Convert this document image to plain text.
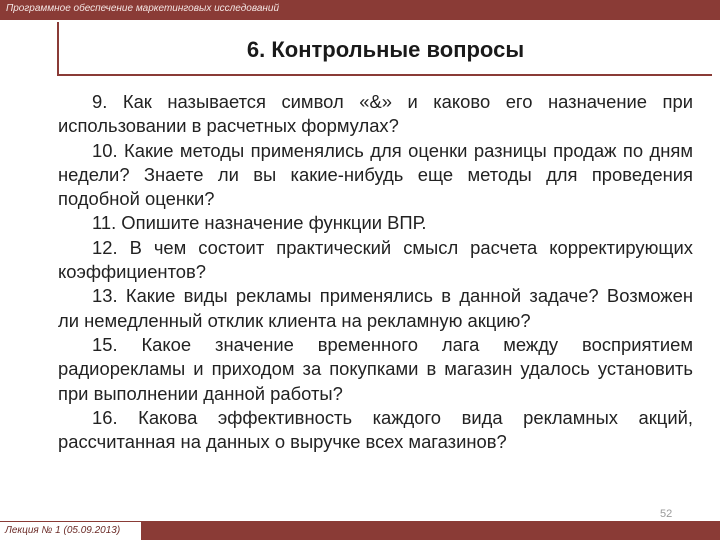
Программное обеспечение маркетинговых исследований
6. Контрольные вопросы

9. Как называется символ «&» и каково его назначение при использовании в расчетных формулах?

10. Какие методы применялись для оценки разницы продаж по дням недели? Знаете ли вы какие-нибудь еще методы для проведения подобной оценки?

11. Опишите назначение функции ВПР.

12. В чем состоит практический смысл расчета корректирующих коэффициентов?

13. Какие виды рекламы применялись в данной задаче? Возможен ли немедленный отклик клиента на рекламную акцию?

15. Какое значение временного лага между восприятием радиорекламы и приходом за покупками в магазин удалось установить при выполнении данной работы?

16. Какова эффективность каждого вида рекламных акций, рассчитанная на данных о выручке всех магазинов?

52
Лекция № 1 (05.09.2013)
